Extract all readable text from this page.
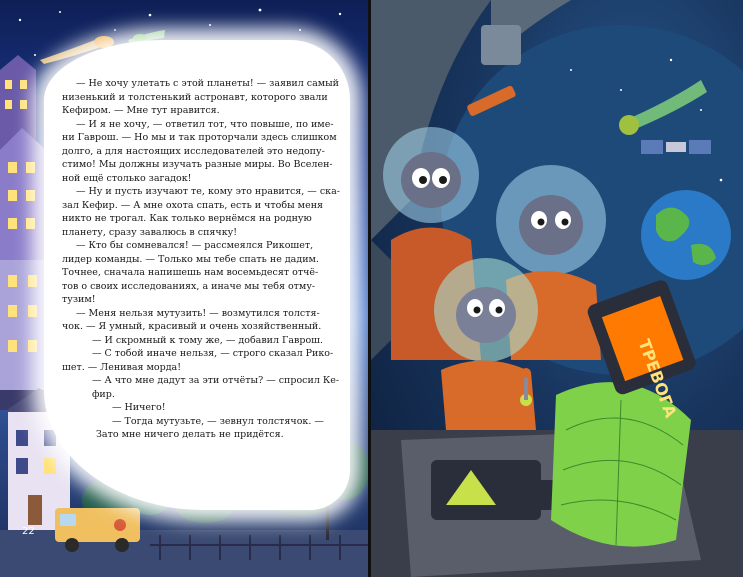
— Не хочу улетать с этой планеты! — заявил самый

низенький и толстенький астронавт, которого звали

Кефиром. — Мне тут нравится.

— И я не хочу, — ответил тот, что повыше, по име-

ни Гаврош. — Но мы и так проторчали здесь слишком

долго, а для настоящих исследователей это недопу-

стимо! Мы должны изучать разные миры. Во Вселен-

ной ещё столько загадок!

— Ну и пусть изучают те, кому это нравится, — ска-

зал Кефир. — А мне охота спать, есть и чтобы меня

никто не трогал. Как только вернёмся на родную

планету, сразу завалюсь в спячку!

— Кто бы сомневался! — рассмеялся Рикошет,

лидер команды. — Только мы тебе спать не дадим.

Точнее, сначала напишешь нам восемьдесят отчё-

тов о своих исследованиях, а иначе мы тебя отму-

тузим!

— Меня нельзя мутузить! — возмутился толстя-

чок. — Я умный, красивый и очень хозяйственный.

— И скромный к тому же, — добавил Гаврош.

— С тобой иначе нельзя, — строго сказал Рико-

шет. — Ленивая морда!

— А что мне дадут за эти отчёты? — спросил Ке-

фир.

— Ничего!

— Тогда мутузьте, — зевнул толстячок. —

Зато мне ничего делать не придётся.

22
ТРЕВОГА
